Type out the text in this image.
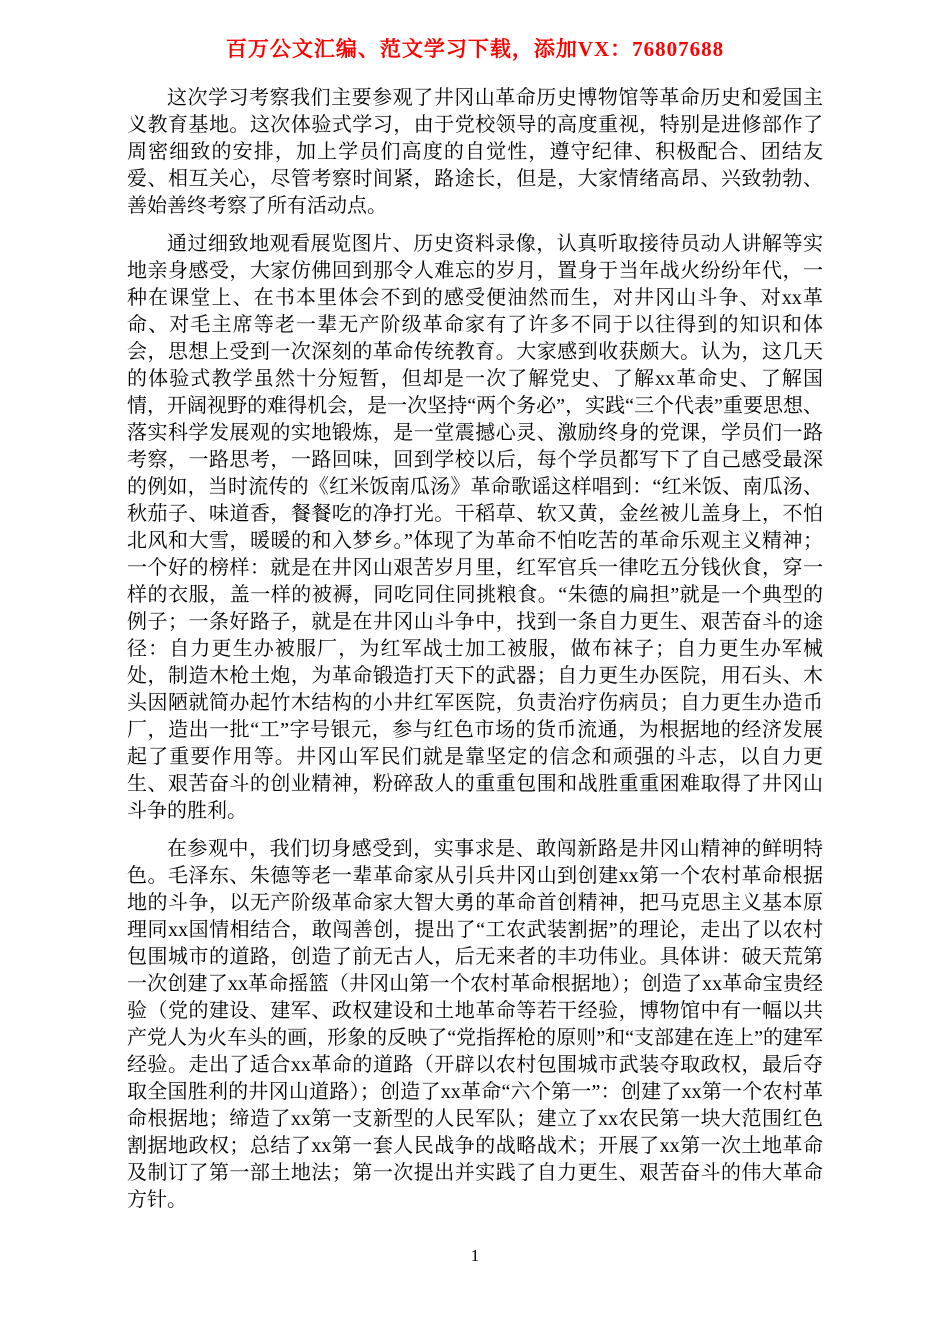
百万公文汇编、范文学习下载，添加VX：76807688

这次学习考察我们主要参观了井冈山革命历史博物馆等革命历史和爱国主义教育基地。这次体验式学习，由于党校领导的高度重视，特别是进修部作了周密细致的安排，加上学员们高度的自觉性，遵守纪律、积极配合、团结友爱、相互关心，尽管考察时间紧，路途长，但是，大家情绪高昂、兴致勃勃、善始善终考察了所有活动点。

通过细致地观看展览图片、历史资料录像，认真听取接待员动人讲解等实地亲身感受，大家仿佛回到那令人难忘的岁月，置身于当年战火纷纷年代，一种在课堂上、在书本里体会不到的感受便油然而生，对井冈山斗争、对xx革命、对毛主席等老一辈无产阶级革命家有了许多不同于以往得到的知识和体会，思想上受到一次深刻的革命传统教育。大家感到收获颇大。认为，这几天的体验式教学虽然十分短暂，但却是一次了解党史、了解xx革命史、了解国情，开阔视野的难得机会，是一次坚持“两个务必”，实践“三个代表”重要思想、落实科学发展观的实地锻炼，是一堂震撼心灵、激励终身的党课，学员们一路考察，一路思考，一路回味，回到学校以后，每个学员都写下了自己感受最深的例如，当时流传的《红米饭南瓜汤》革命歌谣这样唱到：“红米饭、南瓜汤、秋茄子、味道香，餐餐吃的净打光。干稻草、软又黄，金丝被儿盖身上，不怕北风和大雪，暖暖的和入梦乡。”体现了为革命不怕吃苦的革命乐观主义精神；一个好的榜样：就是在井冈山艰苦岁月里，红军官兵一律吃五分钱伙食，穿一样的衣服，盖一样的被褥，同吃同住同挑粮食。“朱德的扁担”就是一个典型的例子；一条好路子，就是在井冈山斗争中，找到一条自力更生、艰苦奋斗的途径：自力更生办被服厂，为红军战士加工被服，做布袜子；自力更生办军械处，制造木枪土炮，为革命锻造打天下的武器；自力更生办医院，用石头、木头因陋就简办起竹木结构的小井红军医院，负责治疗伤病员；自力更生办造币厂，造出一批“工”字号银元，参与红色市场的货币流通，为根据地的经济发展起了重要作用等。井冈山军民们就是靠坚定的信念和顽强的斗志，以自力更生、艰苦奋斗的创业精神，粉碎敌人的重重包围和战胜重重困难取得了井冈山斗争的胜利。

在参观中，我们切身感受到，实事求是、敢闯新路是井冈山精神的鲜明特色。毛泽东、朱德等老一辈革命家从引兵井冈山到创建xx第一个农村革命根据地的斗争，以无产阶级革命家大智大勇的革命首创精神，把马克思主义基本原理同xx国情相结合，敢闯善创，提出了“工农武装割据”的理论，走出了以农村包围城市的道路，创造了前无古人，后无来者的丰功伟业。具体讲：破天荒第一次创建了xx革命摇篮（井冈山第一个农村革命根据地）；创造了xx革命宝贵经验（党的建设、建军、政权建设和土地革命等若干经验，博物馆中有一幅以共产党人为火车头的画，形象的反映了“党指挥枪的原则”和“支部建在连上”的建军经验。走出了适合xx革命的道路（开辟以农村包围城市武装夺取政权，最后夺取全国胜利的井冈山道路）；创造了xx革命“六个第一”：创建了xx第一个农村革命根据地；缔造了xx第一支新型的人民军队；建立了xx农民第一块大范围红色割据地政权；总结了xx第一套人民战争的战略战术；开展了xx第一次土地革命及制订了第一部土地法；第一次提出并实践了自力更生、艰苦奋斗的伟大革命方针。

1
